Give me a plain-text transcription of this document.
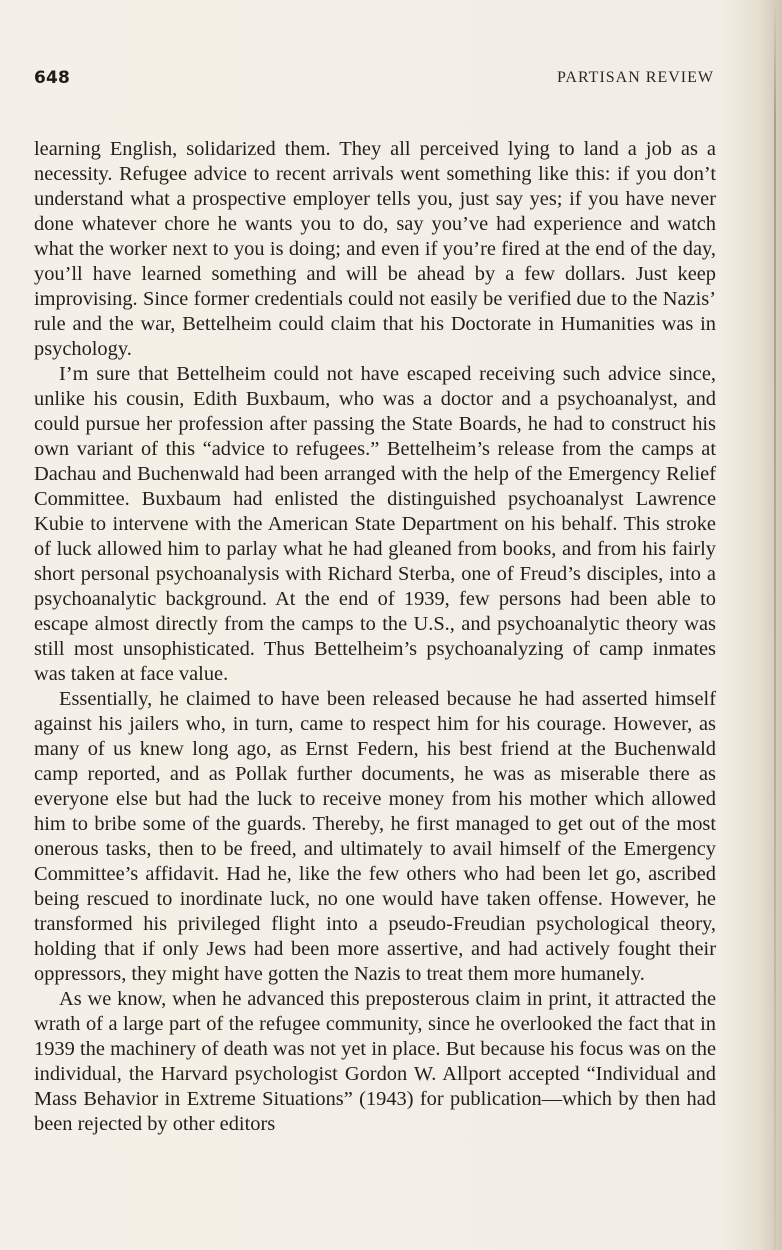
648	PARTISAN REVIEW

learning English, solidarized them. They all perceived lying to land a job as a necessity. Refugee advice to recent arrivals went something like this: if you don’t understand what a prospective employer tells you, just say yes; if you have never done whatever chore he wants you to do, say you’ve had experience and watch what the worker next to you is doing; and even if you’re fired at the end of the day, you’ll have learned something and will be ahead by a few dollars. Just keep improvising. Since former credentials could not easily be verified due to the Nazis’ rule and the war, Bettelheim could claim that his Doctorate in Humanities was in psychology.

I’m sure that Bettelheim could not have escaped receiving such advice since, unlike his cousin, Edith Buxbaum, who was a doctor and a psychoanalyst, and could pursue her profession after passing the State Boards, he had to construct his own variant of this “advice to refugees.” Bettelheim’s release from the camps at Dachau and Buchenwald had been arranged with the help of the Emergency Relief Committee. Buxbaum had enlisted the distinguished psychoanalyst Lawrence Kubie to intervene with the American State Department on his behalf. This stroke of luck allowed him to parlay what he had gleaned from books, and from his fairly short personal psychoanalysis with Richard Sterba, one of Freud’s disciples, into a psychoanalytic background. At the end of 1939, few persons had been able to escape almost directly from the camps to the U.S., and psychoanalytic theory was still most unsophisticated. Thus Bettelheim’s psychoanalyzing of camp inmates was taken at face value.

Essentially, he claimed to have been released because he had asserted himself against his jailers who, in turn, came to respect him for his courage. However, as many of us knew long ago, as Ernst Federn, his best friend at the Buchenwald camp reported, and as Pollak further documents, he was as miserable there as everyone else but had the luck to receive money from his mother which allowed him to bribe some of the guards. Thereby, he first managed to get out of the most onerous tasks, then to be freed, and ultimately to avail himself of the Emergency Committee’s affidavit. Had he, like the few others who had been let go, ascribed being rescued to inordinate luck, no one would have taken offense. However, he transformed his privileged flight into a pseudo-Freudian psychological theory, holding that if only Jews had been more assertive, and had actively fought their oppressors, they might have gotten the Nazis to treat them more humanely.

As we know, when he advanced this preposterous claim in print, it attracted the wrath of a large part of the refugee community, since he overlooked the fact that in 1939 the machinery of death was not yet in place. But because his focus was on the individual, the Harvard psychologist Gordon W. Allport accepted “Individual and Mass Behavior in Extreme Situations” (1943) for publication—which by then had been rejected by other editors
